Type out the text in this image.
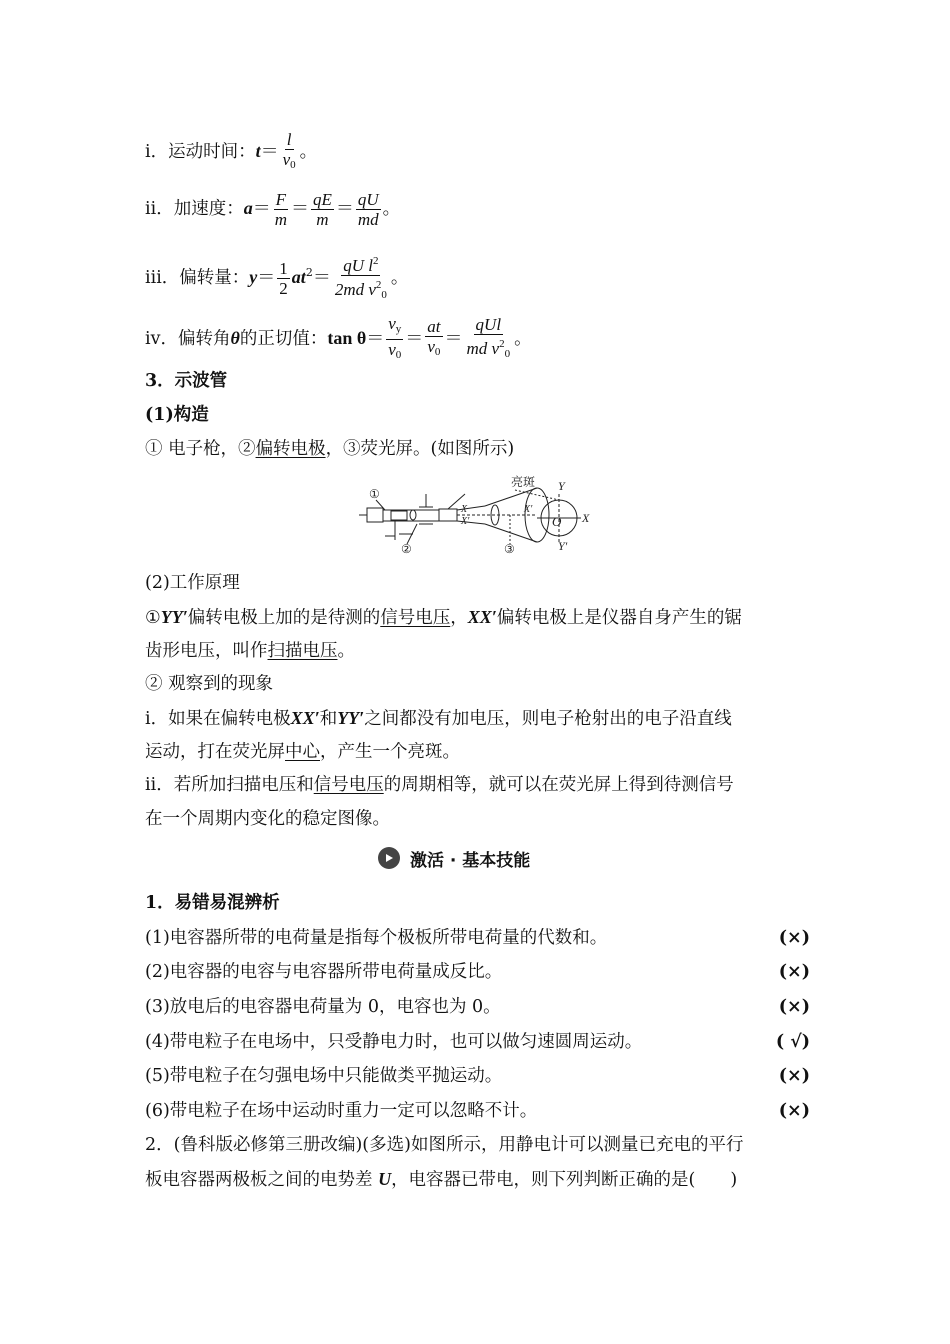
ⅰ．运动时间：$t= \frac{l}{v_0}$ 。
ⅱ．加速度：$a= \frac{F}{m} = \frac{qE}{m} = \frac{qU}{md}$ 。
ⅲ．偏转量：$y= \frac{1}{2} at^2= \frac{qU l^2}{2md v^2_0}$ 。
ⅳ．偏转角θ的正切值：$\tan \theta= \frac{v_y}{v_0} = \frac{at}{v_0} = \frac{\text{qUl}}{md v^2_0}$ 。
3．示波管
(1)构造
① 电子枪，②偏转电极，③荧光屏。(如图所示)
①
②	③
亮斑 Y
Y′
X
X′
O
X
X′
(2)工作原理
①YY′偏转电极上加的是待测的信号电压，XX′偏转电极上是仪器自身产生的锯
齿形电压，叫作扫描电压。
② 观察到的现象
ⅰ．如果在偏转电极XX′和YY′之间都没有加电压，则电子枪射出的电子沿直线
运动，打在荧光屏中心，产生一个亮斑。
ⅱ．若所加扫描电压和信号电压的周期相等，就可以在荧光屏上得到待测信号
在一个周期内变化的稳定图像。
激活 · 基本技能
1．易错易混辨析
(1)电容器所带的电荷量是指每个极板所带电荷量的代数和。	(×)
(2)电容器的电容与电容器所带电荷量成反比。	(×)
(3)放电后的电容器电荷量为 0，电容也为 0。	(×)
(4)带电粒子在电场中，只受静电力时，也可以做匀速圆周运动。	( √)
(5)带电粒子在匀强电场中只能做类平抛运动。	(×)
(6)带电粒子在场中运动时重力一定可以忽略不计。	(×)
2．(鲁科版必修第三册改编)(多选)如图所示，用静电计可以测量已充电的平行
板电容器两极板之间的电势差 U，电容器已带电，则下列判断正确的是(　　 )
